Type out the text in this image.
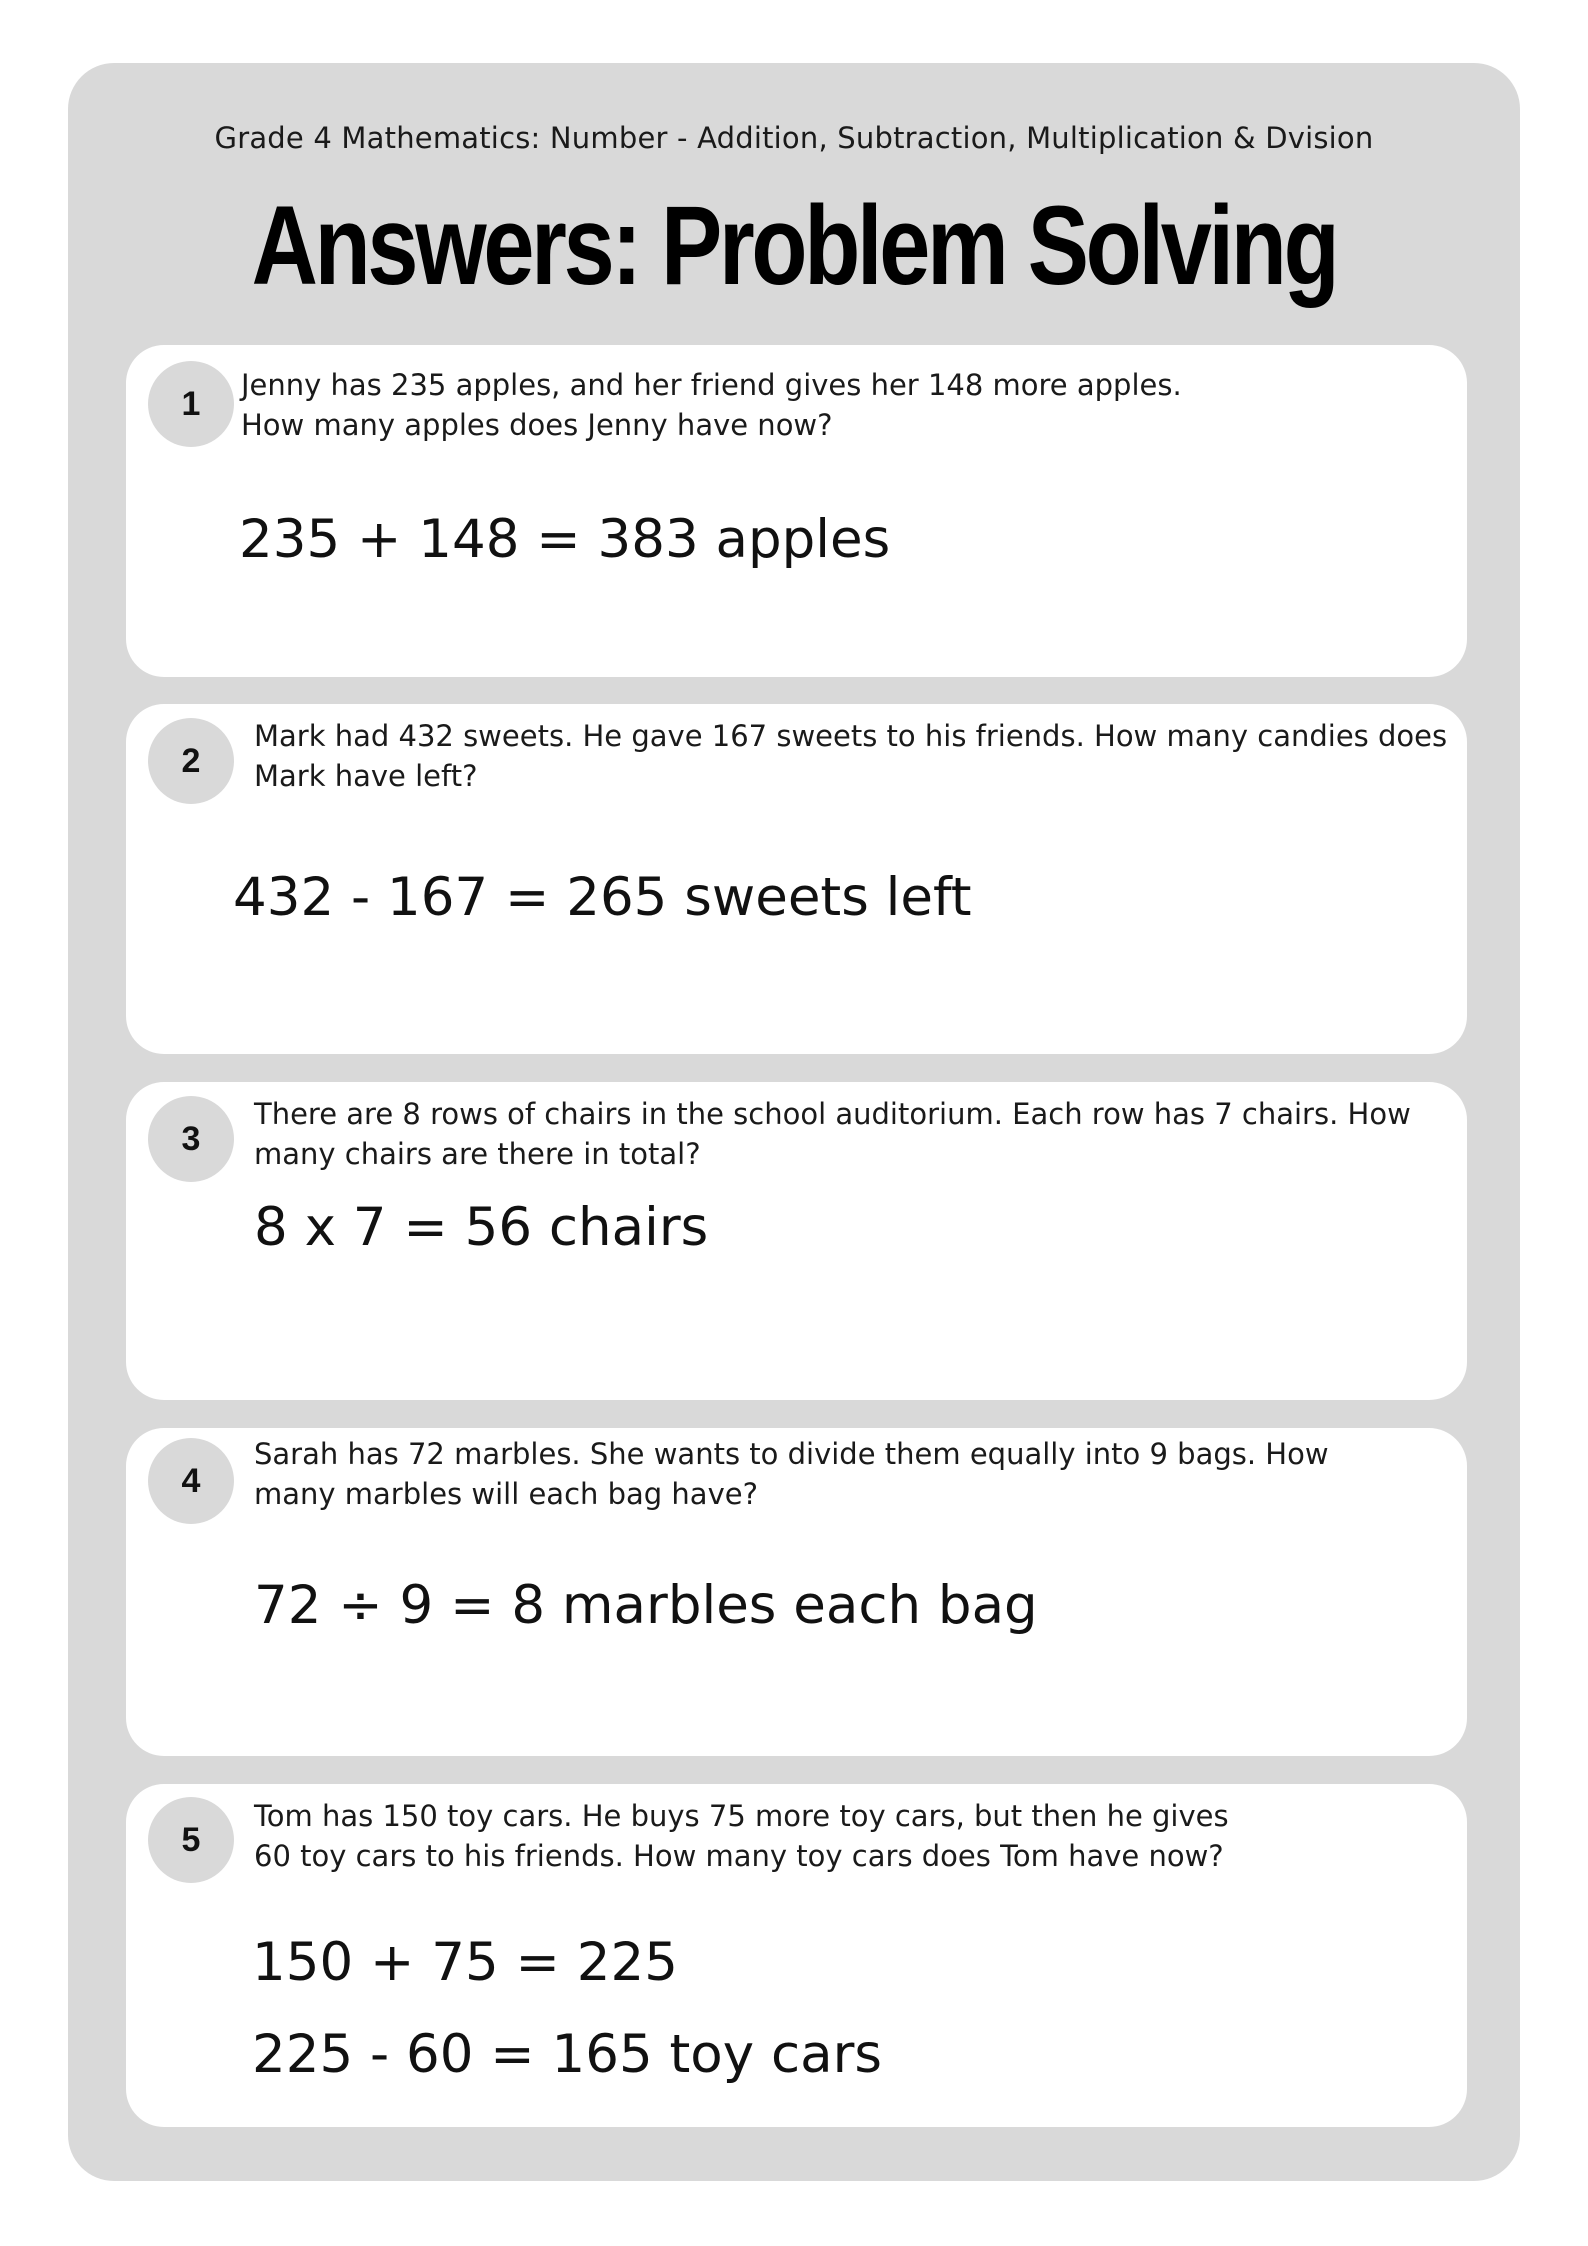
Grade 4 Mathematics: Number - Addition, Subtraction, Multiplication & Dvision
Answers: Problem Solving
1	Jenny has 235 apples, and her friend gives her 148 more apples.
How many apples does Jenny have now?
235 + 148 = 383 apples
2
Mark had 432 sweets. He gave 167 sweets to his friends. How many candies does
Mark have left?
432 - 167 = 265 sweets left
3
There are 8 rows of chairs in the school auditorium. Each row has 7 chairs. How
many chairs are there in total?
8 x 7 = 56 chairs
4
Sarah has 72 marbles. She wants to divide them equally into 9 bags. How
many marbles will each bag have?
72 ÷ 9 = 8 marbles each bag
5
Tom has 150 toy cars. He buys 75 more toy cars, but then he gives
60 toy cars to his friends. How many toy cars does Tom have now?
150 + 75 = 225
225 - 60 = 165 toy cars
